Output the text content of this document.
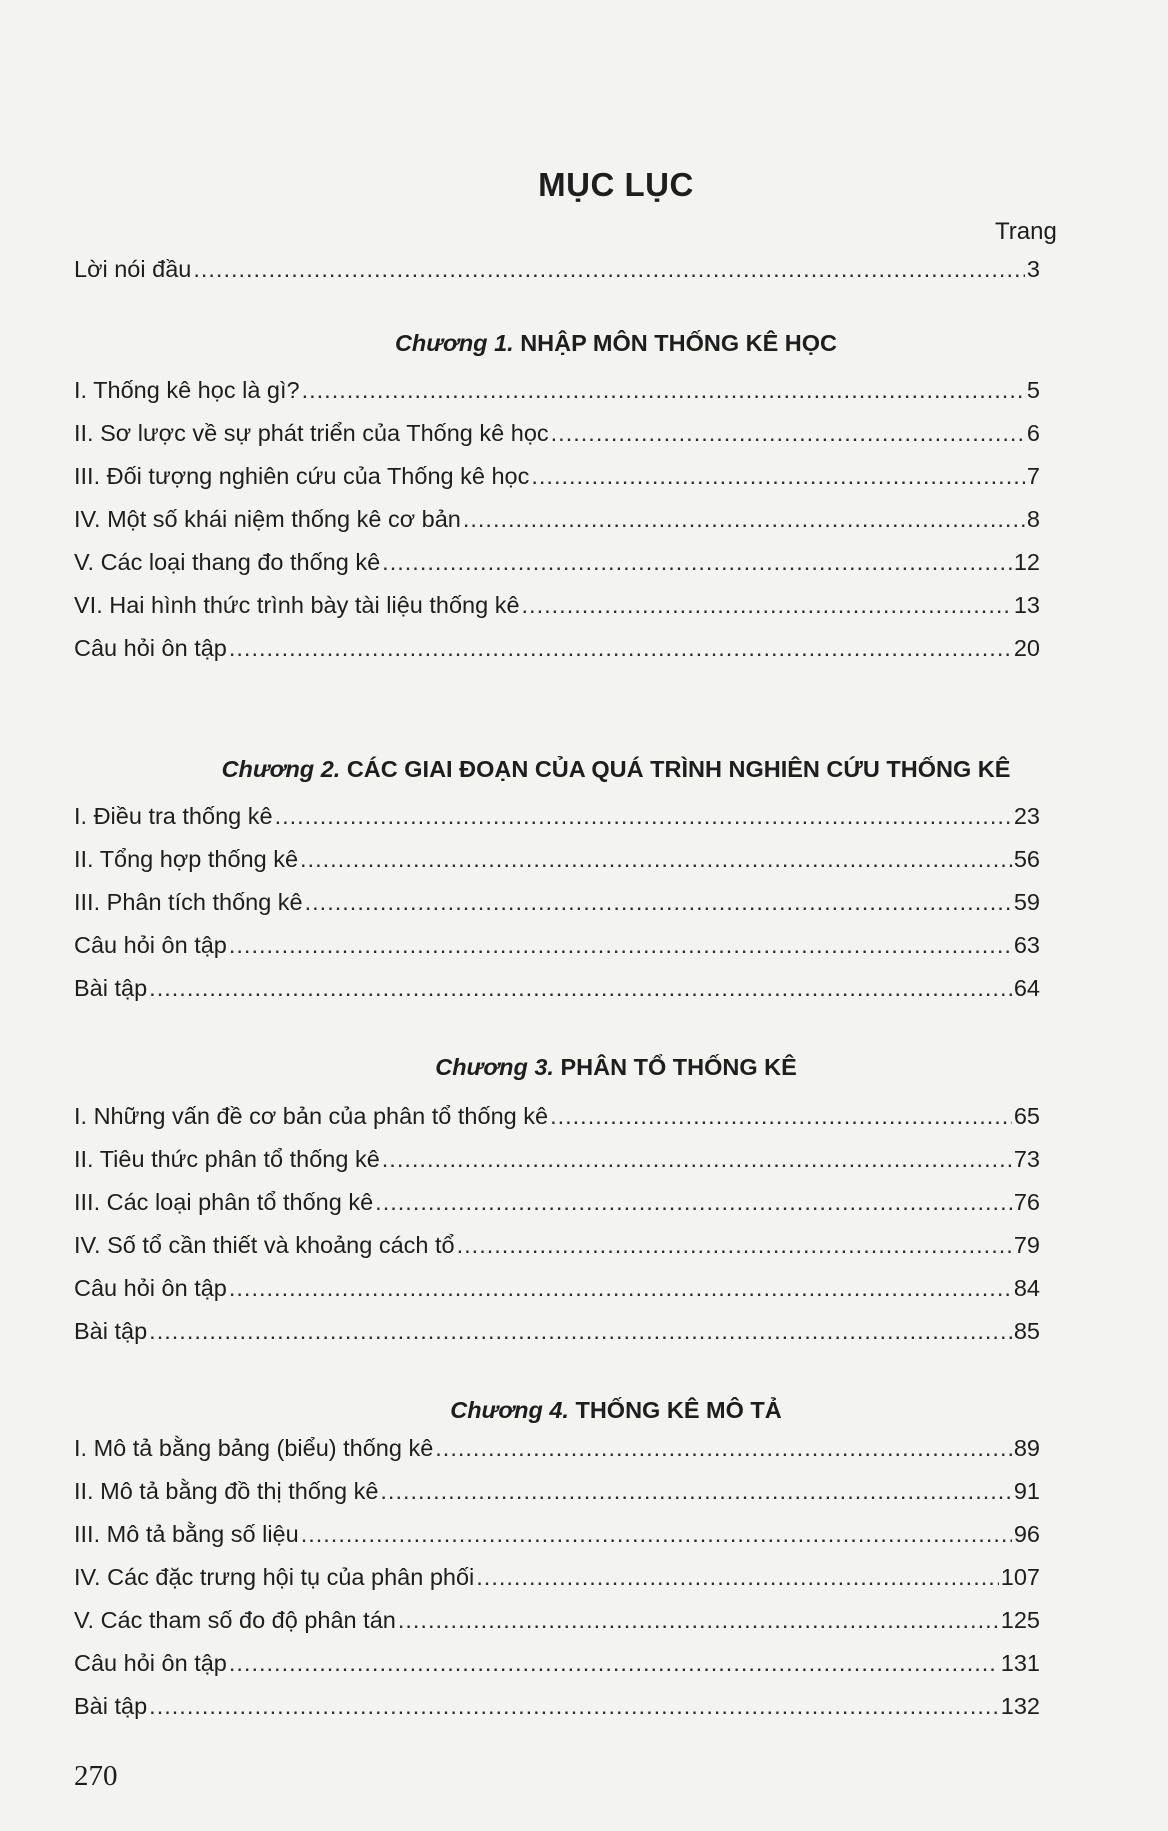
MỤC LỤC
Trang
Lời nói đầu .....	3
Chương 1. NHẬP MÔN THỐNG KÊ HỌC
I. Thống kê học là gì? .....	5
II. Sơ lược về sự phát triển của Thống kê học .....	6
III. Đối tượng nghiên cứu của Thống kê học .....	7
IV. Một số khái niệm thống kê cơ bản .....	8
V. Các loại thang đo thống kê .....	12
VI. Hai hình thức trình bày tài liệu thống kê .....	13
Câu hỏi ôn tập .....	20
Chương 2. CÁC GIAI ĐOẠN CỦA QUÁ TRÌNH NGHIÊN CỨU THỐNG KÊ
I. Điều tra thống kê .....	23
II. Tổng hợp thống kê .....	56
III. Phân tích thống kê .....	59
Câu hỏi ôn tập .....	63
Bài tập .....	64
Chương 3. PHÂN TỔ THỐNG KÊ
I. Những vấn đề cơ bản của phân tổ thống kê .....	65
II. Tiêu thức phân tổ thống kê .....	73
III. Các loại phân tổ thống kê .....	76
IV. Số tổ cần thiết và khoảng cách tổ .....	79
Câu hỏi ôn tập .....	84
Bài tập .....	85
Chương 4. THỐNG KÊ MÔ TẢ
I. Mô tả bằng bảng (biểu) thống kê .....	89
II. Mô tả bằng đồ thị thống kê .....	91
III. Mô tả bằng số liệu .....	96
IV. Các đặc trưng hội tụ của phân phối .....	107
V. Các tham số đo độ phân tán .....	125
Câu hỏi ôn tập .....	131
Bài tập .....	132
270
